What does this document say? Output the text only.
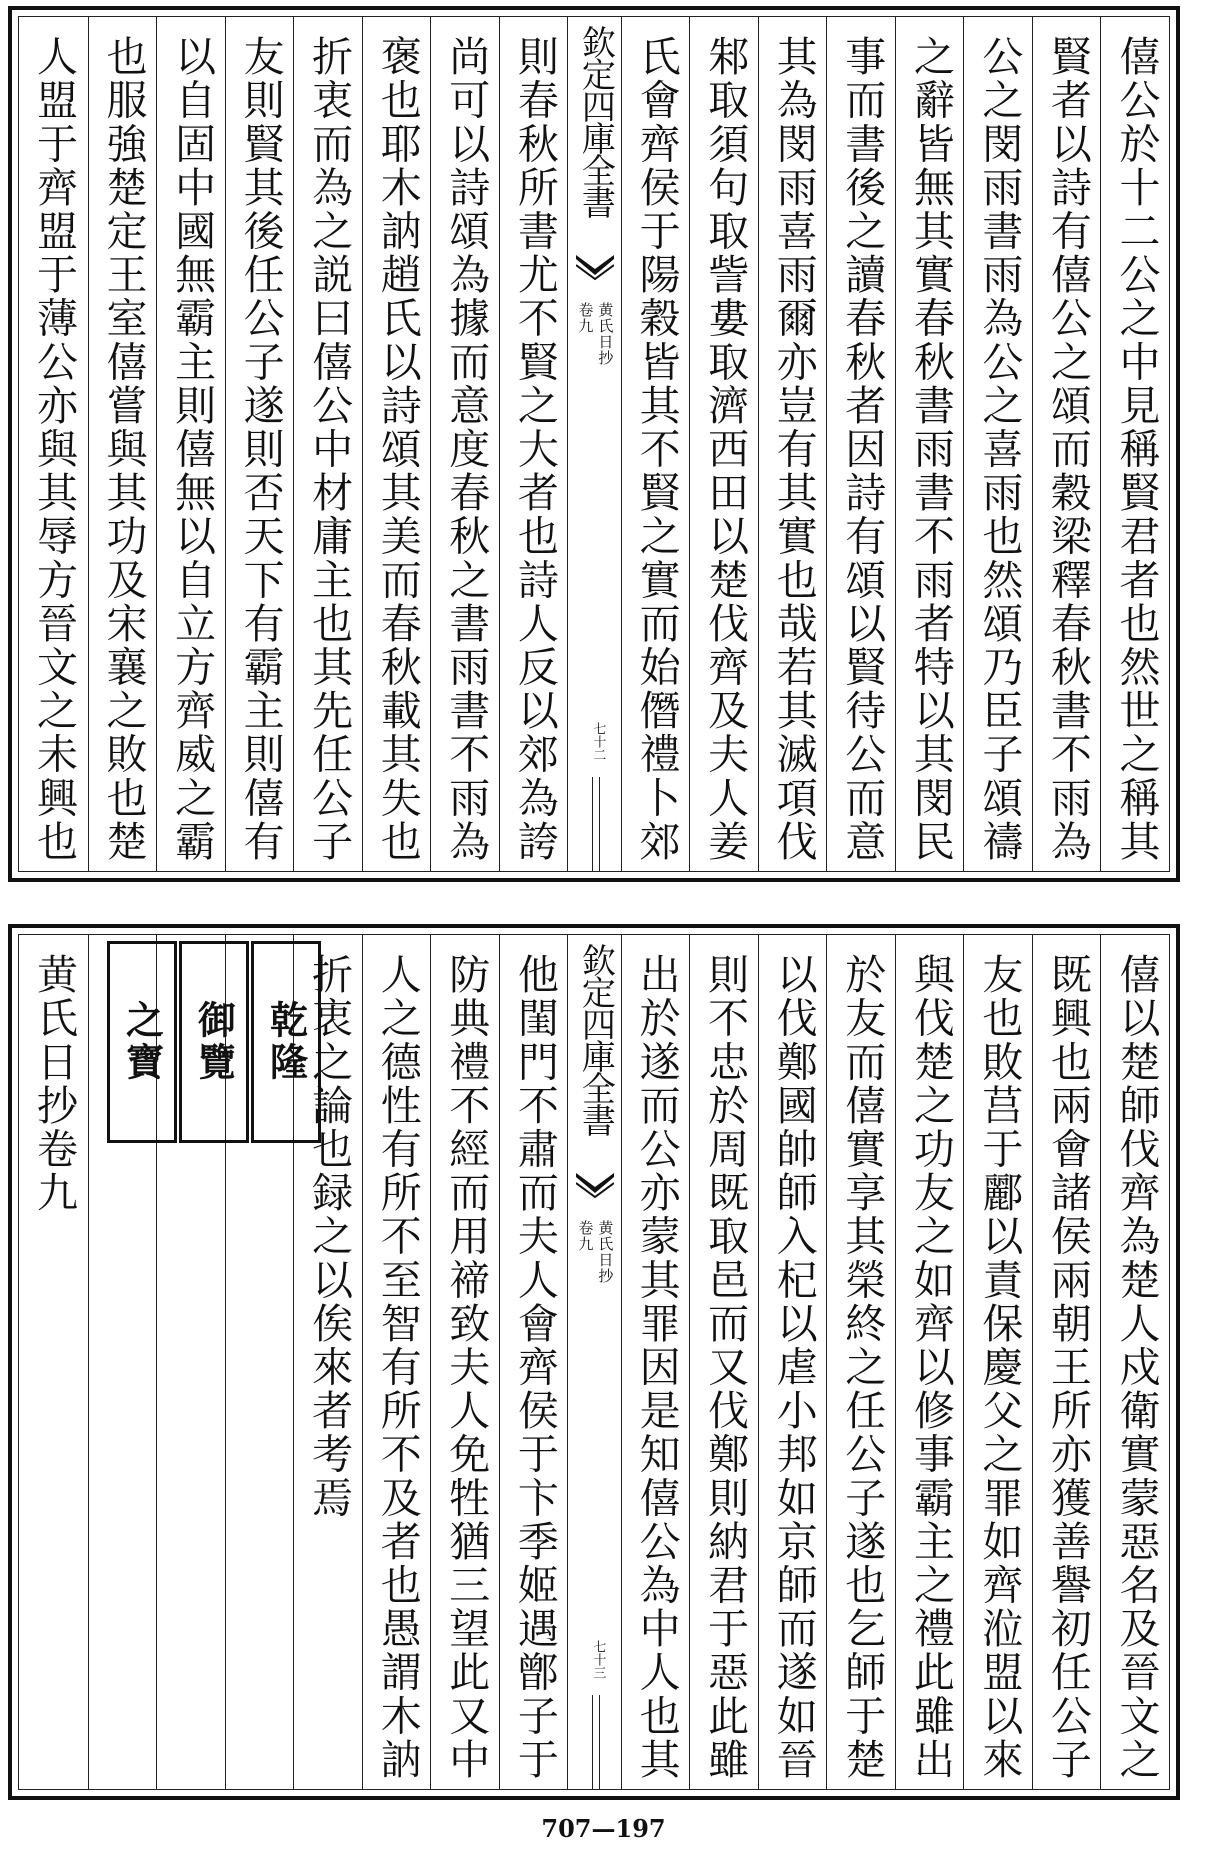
僖公於十二公之中見稱賢君者也然世之稱其
賢者以詩有僖公之頌而穀梁釋春秋書不雨為
公之閔雨書雨為公之喜雨也然頌乃臣子頌禱
之辭皆無其實春秋書雨書不雨者特以其閔民
事而書後之讀春秋者因詩有頌以賢待公而意
其為閔雨喜雨爾亦豈有其實也哉若其滅項伐
邾取須句取訾婁取濟西田以楚伐齊及夫人姜
氏會齊侯于陽穀皆其不賢之實而始僭禮卜郊
欽定四庫全書
黄氏日抄
卷九
七十二
則春秋所書尤不賢之大者也詩人反以郊為誇
尚可以詩頌為據而意度春秋之書雨書不雨為
褒也耶木訥趙氏以詩頌其美而春秋載其失也
折衷而為之説曰僖公中材庸主也其先任公子
友則賢其後任公子遂則否天下有霸主則僖有
以自固中國無霸主則僖無以自立方齊威之霸
也服強楚定王室僖嘗與其功及宋襄之敗也楚
人盟于齊盟于薄公亦與其辱方晉文之未興也
僖以楚師伐齊為楚人戍衛實蒙惡名及晉文之
既興也兩會諸侯兩朝王所亦獲善譽初任公子
友也敗莒于酈以責保慶父之罪如齊涖盟以來
與伐楚之功友之如齊以修事霸主之禮此雖出
於友而僖實享其榮終之任公子遂也乞師于楚
以伐鄭國帥師入杞以虐小邦如京師而遂如晉
則不忠於周既取邑而又伐鄭則納君于惡此雖
出於遂而公亦蒙其罪因是知僖公為中人也其
欽定四庫全書
黄氏日抄
卷九
七十三
他閨門不肅而夫人會齊侯于卞季姬遇鄫子于
防典禮不經而用禘致夫人免牲猶三望此又中
人之德性有所不至智有所不及者也愚謂木訥
折衷之論也録之以俟來者考焉
黄氏日抄卷九	乾隆
御覽
之寶
707—197
